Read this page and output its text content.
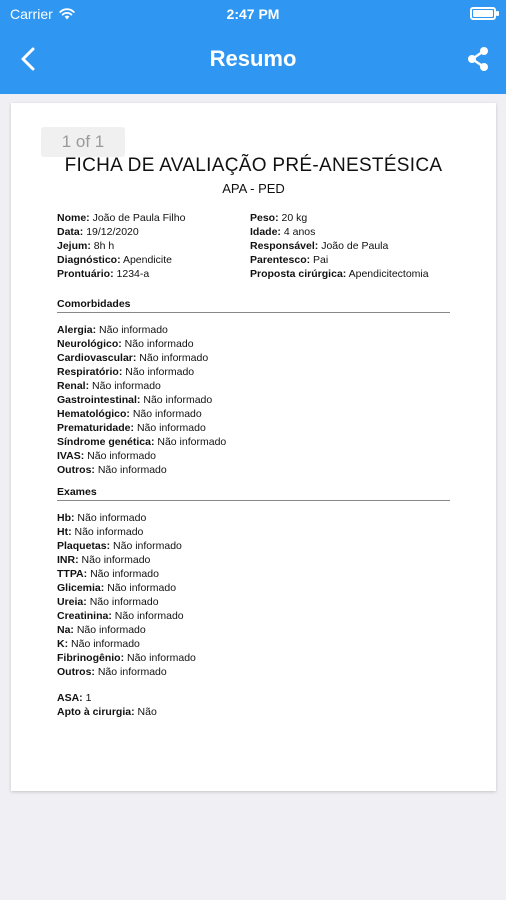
Carrier	2:47 PM
Resumo
1 of 1
FICHA DE AVALIAÇÃO PRÉ-ANESTÉSICA
APA - PED
Nome: João de Paula Filho
Data: 19/12/2020
Jejum: 8h h
Diagnóstico: Apendicite
Prontuário: 1234-a
Peso: 20 kg
Idade: 4 anos
Responsável: João de Paula
Parentesco: Pai
Proposta cirúrgica: Apendicitectomia
Comorbidades
Alergia: Não informado
Neurológico: Não informado
Cardiovascular: Não informado
Respiratório: Não informado
Renal: Não informado
Gastrointestinal: Não informado
Hematológico: Não informado
Prematuridade: Não informado
Síndrome genética: Não informado
IVAS: Não informado
Outros: Não informado
Exames
Hb: Não informado
Ht: Não informado
Plaquetas: Não informado
INR: Não informado
TTPA: Não informado
Glicemia: Não informado
Ureia: Não informado
Creatinina: Não informado
Na: Não informado
K: Não informado
Fibrinogênio: Não informado
Outros: Não informado
ASA: 1
Apto à cirurgia: Não
